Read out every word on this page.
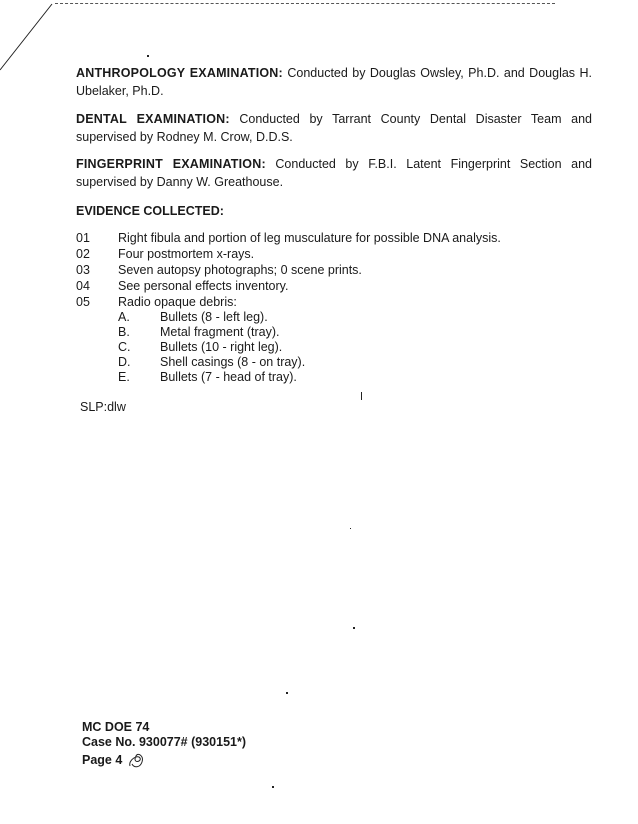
ANTHROPOLOGY EXAMINATION: Conducted by Douglas Owsley, Ph.D. and Douglas H. Ubelaker, Ph.D.
DENTAL EXAMINATION: Conducted by Tarrant County Dental Disaster Team and supervised by Rodney M. Crow, D.D.S.
FINGERPRINT EXAMINATION: Conducted by F.B.I. Latent Fingerprint Section and supervised by Danny W. Greathouse.
EVIDENCE COLLECTED:
01	Right fibula and portion of leg musculature for possible DNA analysis.
02	Four postmortem x-rays.
03	Seven autopsy photographs; 0 scene prints.
04	See personal effects inventory.
05	Radio opaque debris:
A.	Bullets (8 - left leg).
B.	Metal fragment (tray).
C.	Bullets (10 - right leg).
D.	Shell casings (8 - on tray).
E.	Bullets (7 - head of tray).
SLP:dlw
MC DOE 74
Case No. 930077# (930151*)
Page 4
